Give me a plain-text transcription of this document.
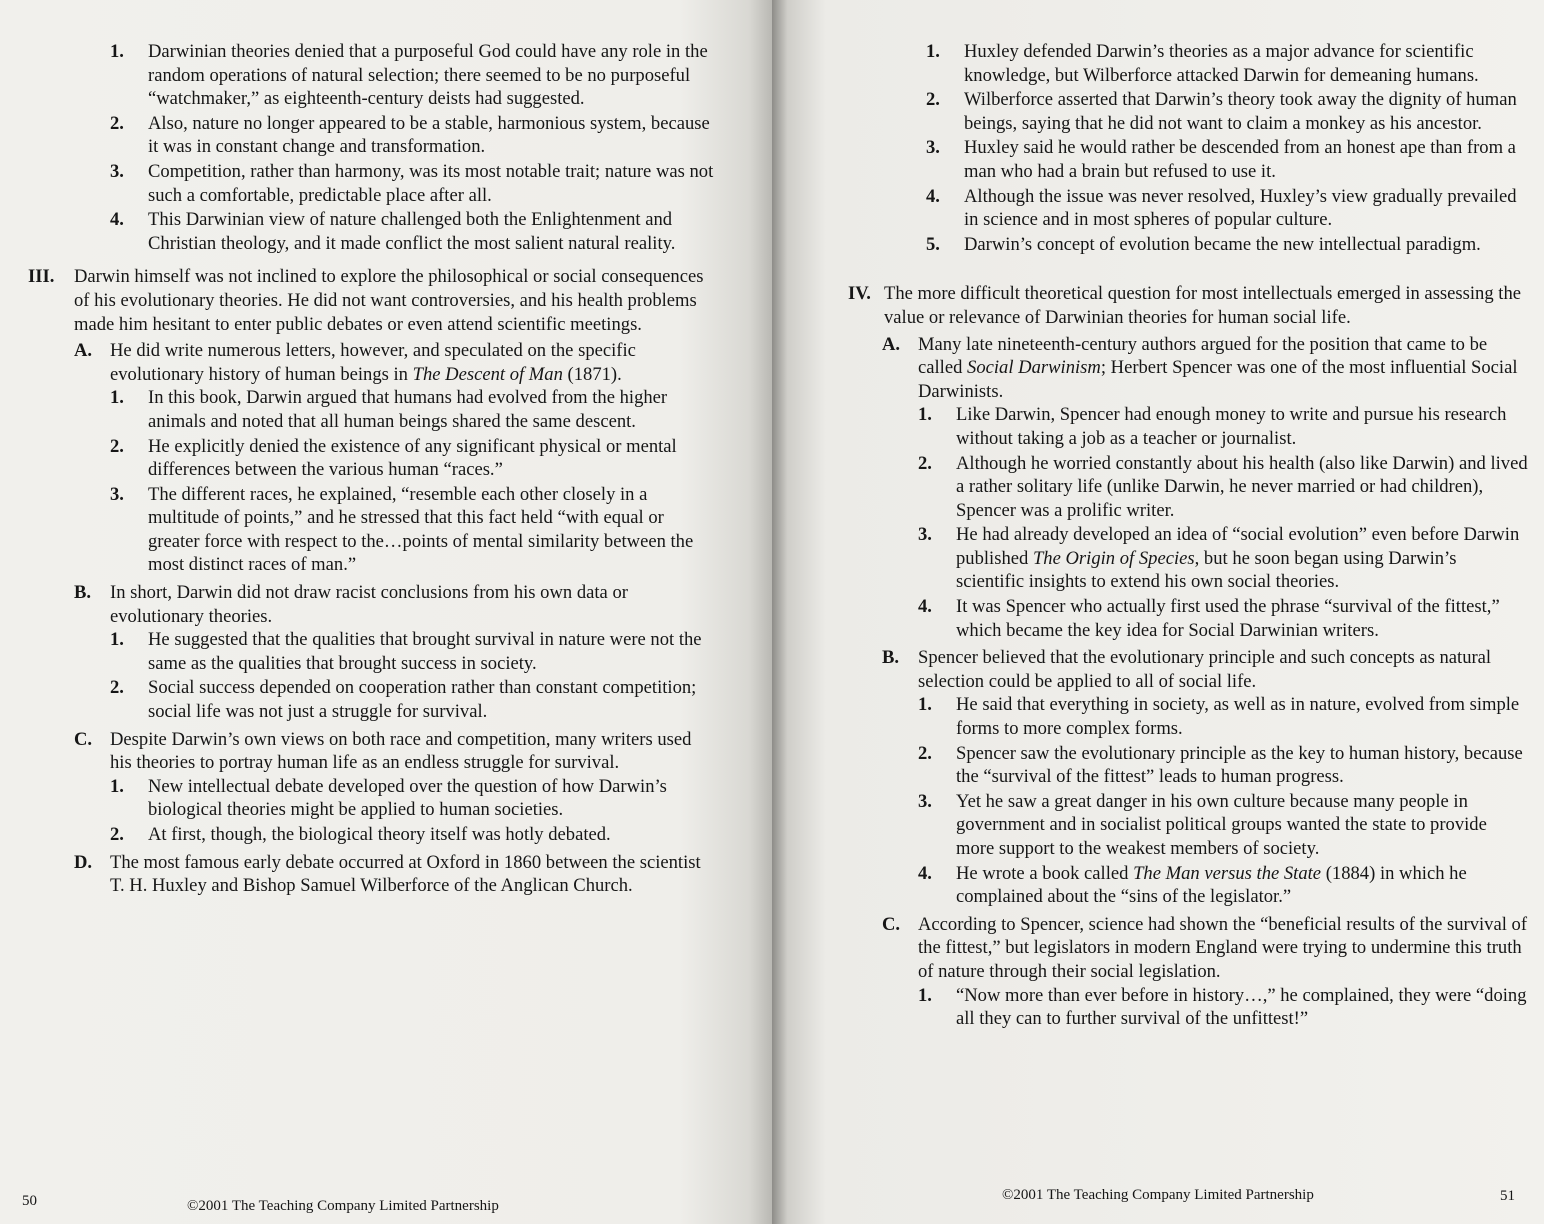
1.	Darwinian theories denied that a purposeful God could have any role in the random operations of natural selection; there seemed to be no purposeful “watchmaker,” as eighteenth-century deists had suggested.
2.	Also, nature no longer appeared to be a stable, harmonious system, because it was in constant change and transformation.
3.	Competition, rather than harmony, was its most notable trait; nature was not such a comfortable, predictable place after all.
4.	This Darwinian view of nature challenged both the Enlightenment and Christian theology, and it made conflict the most salient natural reality.
III.	Darwin himself was not inclined to explore the philosophical or social consequences of his evolutionary theories. He did not want controversies, and his health problems made him hesitant to enter public debates or even attend scientific meetings.
A. He did write numerous letters, however, and speculated on the specific evolutionary history of human beings in The Descent of Man (1871).
1.	In this book, Darwin argued that humans had evolved from the higher animals and noted that all human beings shared the same descent.
2.	He explicitly denied the existence of any significant physical or mental differences between the various human “races.”
3.	The different races, he explained, “resemble each other closely in a multitude of points,” and he stressed that this fact held “with equal or greater force with respect to the…points of mental similarity between the most distinct races of man.”
B.	In short, Darwin did not draw racist conclusions from his own data or evolutionary theories.
1.	He suggested that the qualities that brought survival in nature were not the same as the qualities that brought success in society.
2.	Social success depended on cooperation rather than constant competition; social life was not just a struggle for survival.
C. Despite Darwin’s own views on both race and competition, many writers used his theories to portray human life as an endless struggle for survival.
1.	New intellectual debate developed over the question of how Darwin’s biological theories might be applied to human societies.
2.	At first, though, the biological theory itself was hotly debated.
D. The most famous early debate occurred at Oxford in 1860 between the scientist T. H. Huxley and Bishop Samuel Wilberforce of the Anglican Church.
50	©2001 The Teaching Company Limited Partnership
1.	Huxley defended Darwin’s theories as a major advance for scientific knowledge, but Wilberforce attacked Darwin for demeaning humans.
2.	Wilberforce asserted that Darwin’s theory took away the dignity of human beings, saying that he did not want to claim a monkey as his ancestor.
3.	Huxley said he would rather be descended from an honest ape than from a man who had a brain but refused to use it.
4.	Although the issue was never resolved, Huxley’s view gradually prevailed in science and in most spheres of popular culture.
5.	Darwin’s concept of evolution became the new intellectual paradigm.
IV. The more difficult theoretical question for most intellectuals emerged in assessing the value or relevance of Darwinian theories for human social life.
A. Many late nineteenth-century authors argued for the position that came to be called Social Darwinism; Herbert Spencer was one of the most influential Social Darwinists.
1.	Like Darwin, Spencer had enough money to write and pursue his research without taking a job as a teacher or journalist.
2.	Although he worried constantly about his health (also like Darwin) and lived a rather solitary life (unlike Darwin, he never married or had children), Spencer was a prolific writer.
3.	He had already developed an idea of “social evolution” even before Darwin published The Origin of Species, but he soon began using Darwin’s scientific insights to extend his own social theories.
4.	It was Spencer who actually first used the phrase “survival of the fittest,” which became the key idea for Social Darwinian writers.
B.	Spencer believed that the evolutionary principle and such concepts as natural selection could be applied to all of social life.
1.	He said that everything in society, as well as in nature, evolved from simple forms to more complex forms.
2.	Spencer saw the evolutionary principle as the key to human history, because the “survival of the fittest” leads to human progress.
3.	Yet he saw a great danger in his own culture because many people in government and in socialist political groups wanted the state to provide more support to the weakest members of society.
4.	He wrote a book called The Man versus the State (1884) in which he complained about the “sins of the legislator.”
C. According to Spencer, science had shown the “beneficial results of the survival of the fittest,” but legislators in modern England were trying to undermine this truth of nature through their social legislation.
1.	“Now more than ever before in history…,” he complained, they were “doing all they can to further survival of the unfittest!”
©2001 The Teaching Company Limited Partnership	51
